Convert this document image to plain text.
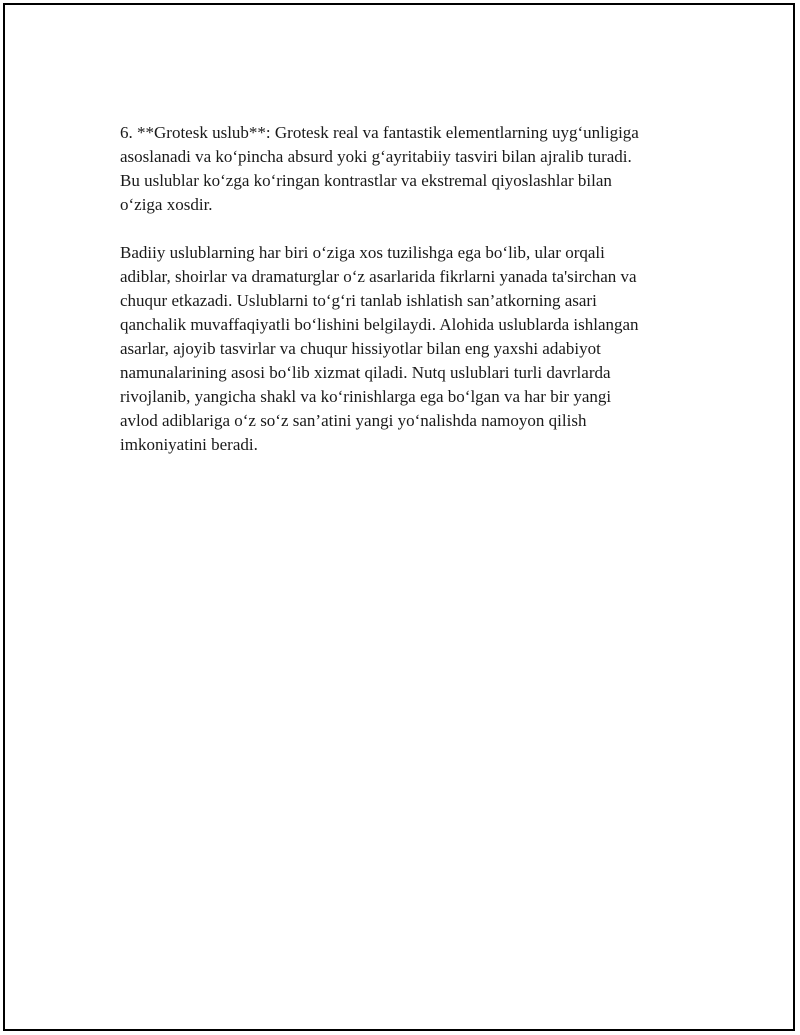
6. **Grotesk uslub**: Grotesk real va fantastik elementlarning uyg‘unligiga
asoslanadi va ko‘pincha absurd yoki g‘ayritabiiy tasviri bilan ajralib turadi.
Bu uslublar ko‘zga ko‘ringan kontrastlar va ekstremal qiyoslashlar bilan
o‘ziga xosdir.

Badiiy uslublarning har biri o‘ziga xos tuzilishga ega bo‘lib, ular orqali
adiblar, shoirlar va dramaturglar o‘z asarlarida fikrlarni yanada ta'sirchan va
chuqur etkazadi. Uslublarni to‘g‘ri tanlab ishlatish san’atkorning asari
qanchalik muvaffaqiyatli bo‘lishini belgilaydi. Alohida uslublarda ishlangan
asarlar, ajoyib tasvirlar va chuqur hissiyotlar bilan eng yaxshi adabiyot
namunalarining asosi bo‘lib xizmat qiladi. Nutq uslublari turli davrlarda
rivojlanib, yangicha shakl va ko‘rinishlarga ega bo‘lgan va har bir yangi
avlod adiblariga o‘z so‘z san’atini yangi yo‘nalishda namoyon qilish
imkoniyatini beradi.
